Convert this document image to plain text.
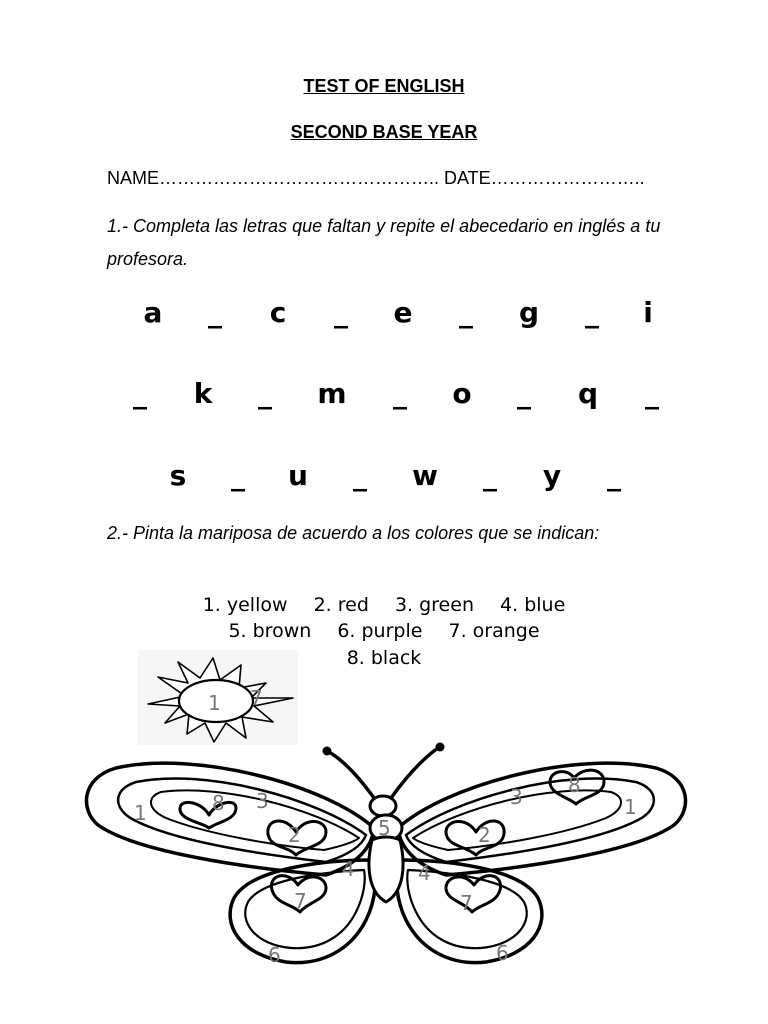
TEST OF ENGLISH
SECOND BASE YEAR
NAME……………………………………….. DATE……………………..
1.- Completa las letras que faltan y repite el abecedario en inglés a tu profesora.
a _ c _ e _ g _ i
_ k _ m _ o _ q _
s _ u _ w _ y _
2.- Pinta la mariposa de acuerdo a los colores que se indican:
1. yellow 2. red 3. green 4. blue
5. brown 6. purple 7. orange
8. black
1 7
1	8 3
2	5
4
7
6
3 8
1
2
4
7
6
